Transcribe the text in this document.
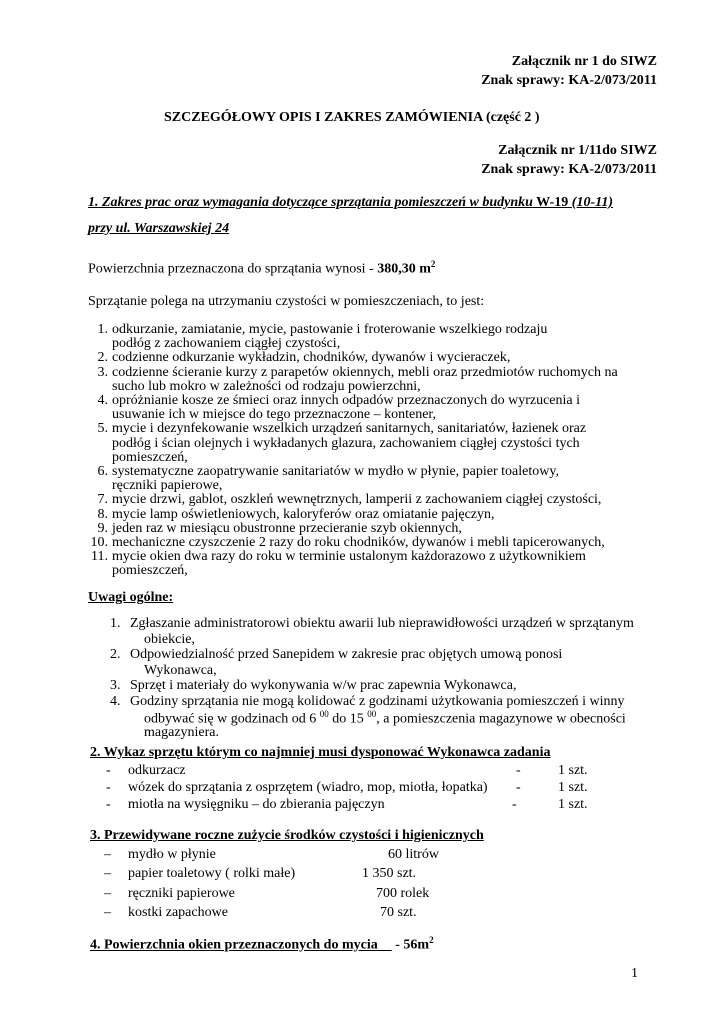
Załącznik nr 1 do SIWZ
Znak sprawy: KA-2/073/2011
SZCZEGÓŁOWY OPIS I ZAKRES ZAMÓWIENIA (część 2 )
Załącznik nr 1/11do SIWZ
Znak sprawy: KA-2/073/2011
1. Zakres prac oraz wymagania dotyczące sprzątania pomieszczeń w budynku W-19 (10-11)
przy ul. Warszawskiej 24
Powierzchnia przeznaczona do sprzątania wynosi - 380,30 $m^2$
Sprzątanie polega na utrzymaniu czystości w pomieszczeniach, to jest:
1. odkurzanie, zamiatanie, mycie, pastowanie i froterowanie wszelkiego rodzaju
podłóg z zachowaniem ciągłej czystości,
2. codzienne odkurzanie wykładzin, chodników, dywanów i wycieraczek,
3. codzienne ścieranie kurzy z parapetów okiennych, mebli oraz przedmiotów ruchomych na
sucho lub mokro w zależności od rodzaju powierzchni,
4. opróżnianie kosze ze śmieci oraz innych odpadów przeznaczonych do wyrzucenia i
usuwanie ich w miejsce do tego przeznaczone – kontener,
5. mycie i dezynfekowanie wszelkich urządzeń sanitarnych, sanitariatów, łazienek oraz
podłóg i ścian olejnych i wykładanych glazura, zachowaniem ciągłej czystości tych
pomieszczeń,
6. systematyczne zaopatrywanie sanitariatów w mydło w płynie, papier toaletowy,
ręczniki papierowe,
7. mycie drzwi, gablot, oszkleń wewnętrznych, lamperii z zachowaniem ciągłej czystości,
8. mycie lamp oświetleniowych, kaloryferów oraz omiatanie pajęczyn,
9. jeden raz w miesiącu obustronne przecieranie szyb okiennych,
10. mechaniczne czyszczenie 2 razy do roku chodników, dywanów i mebli tapicerowanych,
11. mycie okien dwa razy do roku w terminie ustalonym każdorazowo z użytkownikiem
pomieszczeń,
Uwagi ogólne:
1. Zgłaszanie administratorowi obiektu awarii lub nieprawidłowości urządzeń w sprzątanym
obiekcie,
2. Odpowiedzialność przed Sanepidem w zakresie prac objętych umową ponosi
Wykonawca,
3. Sprzęt i materiały do wykonywania w/w prac zapewnia Wykonawca,
4. Godziny sprzątania nie mogą kolidować z godzinami użytkowania pomieszczeń i winny
odbywać się w godzinach od 6 $^{00}$ do 15 $^{00}$, a pomieszczenia magazynowe w obecności
magazyniera.
2. Wykaz sprzętu którym co najmniej musi dysponować Wykonawca zadania
- odkurzacz	-	1 szt.
- wózek do sprzątania z osprzętem (wiadro, mop, miotła, łopatka) -	1 szt.
- miotła na wysięgniku – do zbierania pajęczyn	-	1 szt.
3. Przewidywane roczne zużycie środków czystości i higienicznych
– mydło w płynie	60 litrów
– papier toaletowy ( rolki małe)	1 350 szt.
– ręczniki papierowe	700 rolek
– kostki zapachowe	70 szt.
4. Powierzchnia okien przeznaczonych do mycia     - $56m^2$
1
